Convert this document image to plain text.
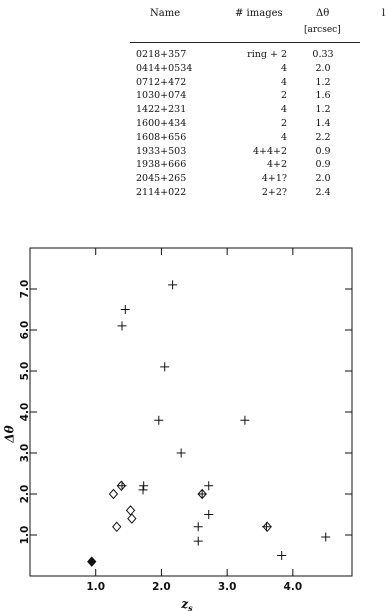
Name	# images	Δθ	l
[arcsec]
0218+357	ring + 2	0.33
0414+0534	4	2.0
0712+472	4	1.2
1030+074	2	1.6
1422+231	4	1.2
1600+434	2	1.4
1608+656	4	2.2
1933+503	4+4+2	0.9
1938+666	4+2	0.9
2045+265	4+1?	2.0
2114+022	2+2?	2.4
1.0	2.0	3.0	4.0
1.0
2.0
3.0
4.0
5.0
6.0
7.0
$z_s$
Δθ
